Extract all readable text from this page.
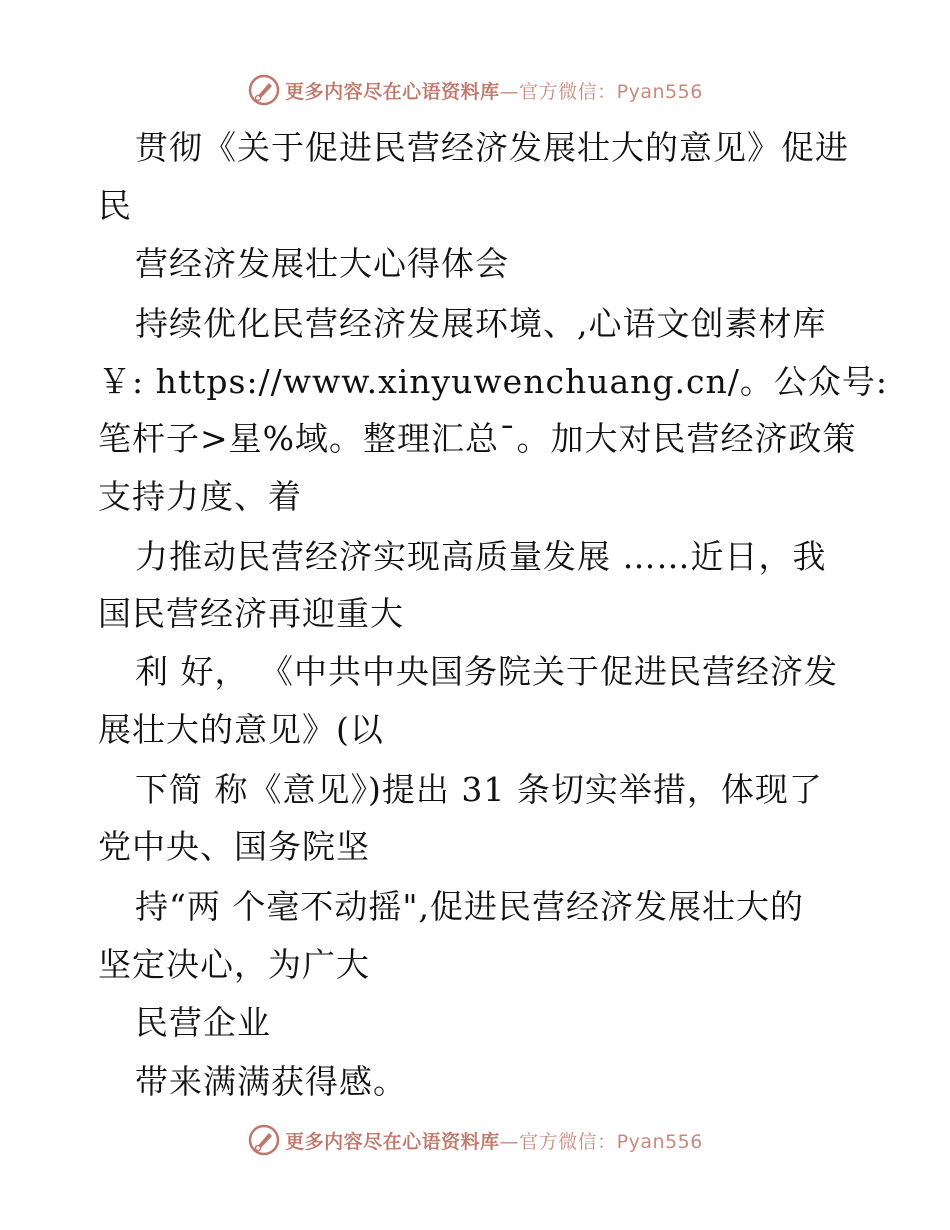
更多内容尽在心语资料库—官方微信：Pyan556
贯彻《关于促进民营经济发展壮大的意见》促进
民
营经济发展壮大心得体会
持续优化民营经济发展环境、,心语文创素材库
￥: https://www.xinyuwenchuang.cn/。公众号:
笔杆子>星%域。整理汇总¯。加大对民营经济政策
支持力度、着
力推动民营经济实现高质量发展 ……近日，我
国民营经济再迎重大
利 好， 《中共中央国务院关于促进民营经济发
展壮大的意见》(以
下简 称《意见》)提出 31 条切实举措，体现了
党中央、国务院坚
持“两 个毫不动摇",促进民营经济发展壮大的
坚定决心，为广大
民营企业
带来满满获得感。
更多内容尽在心语资料库—官方微信：Pyan556
